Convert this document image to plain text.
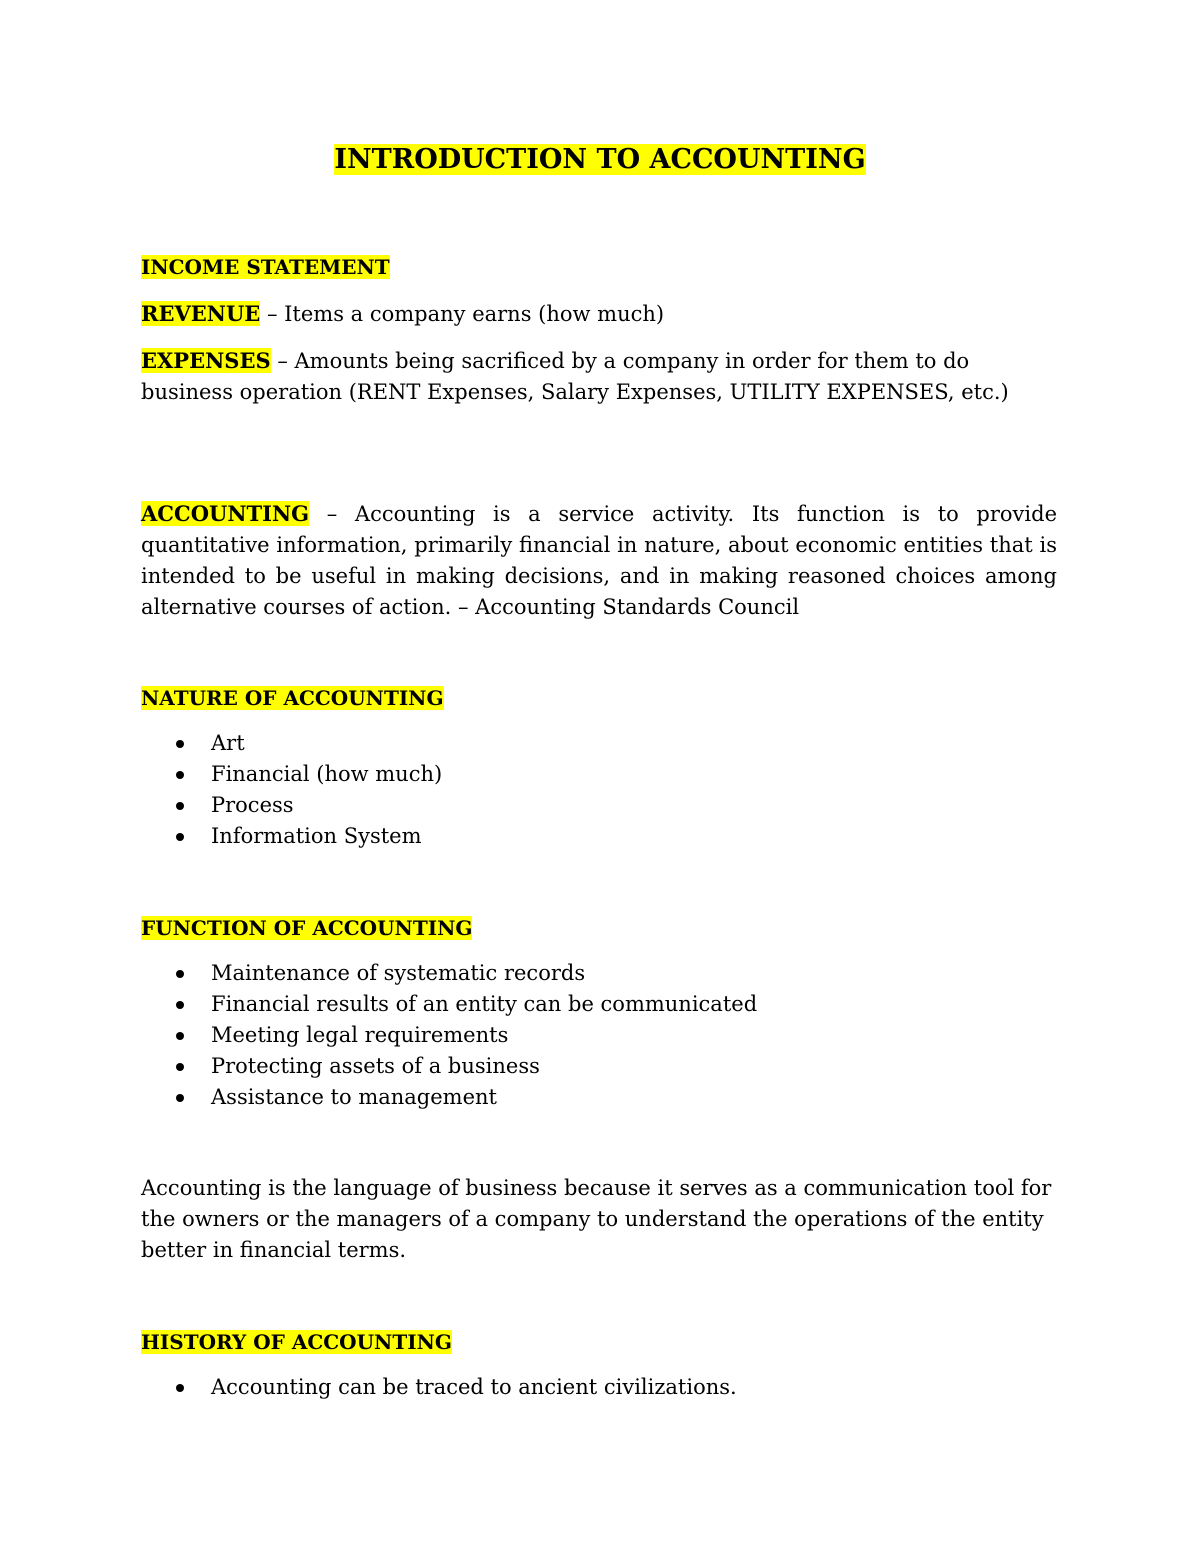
INTRODUCTION TO ACCOUNTING

INCOME STATEMENT

REVENUE – Items a company earns (how much)

EXPENSES – Amounts being sacrificed by a company in order for them to do business operation (RENT Expenses, Salary Expenses, UTILITY EXPENSES, etc.)

ACCOUNTING – Accounting is a service activity. Its function is to provide quantitative information, primarily financial in nature, about economic entities that is intended to be useful in making decisions, and in making reasoned choices among alternative courses of action. – Accounting Standards Council

NATURE OF ACCOUNTING

Art
Financial (how much)
Process
Information System

FUNCTION OF ACCOUNTING

Maintenance of systematic records
Financial results of an entity can be communicated
Meeting legal requirements
Protecting assets of a business
Assistance to management

Accounting is the language of business because it serves as a communication tool for the owners or the managers of a company to understand the operations of the entity better in financial terms.

HISTORY OF ACCOUNTING

Accounting can be traced to ancient civilizations.
